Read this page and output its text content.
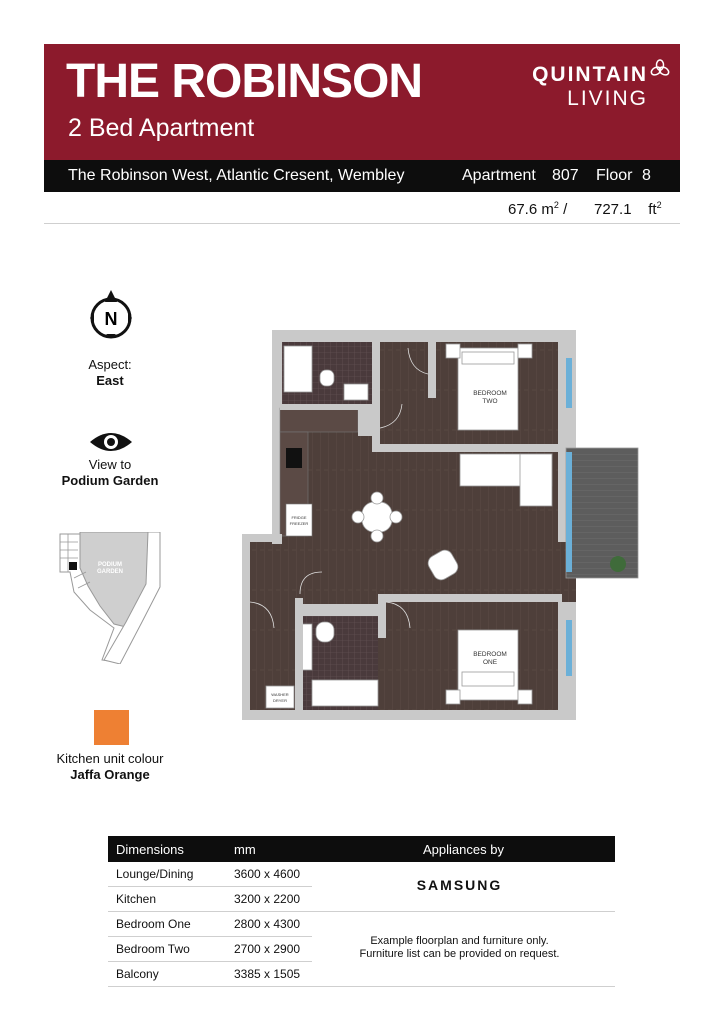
THE ROBINSON
2 Bed Apartment
QUINTAIN
LIVING
The Robinson West, Atlantic Cresent, Wembley	Apartment 807 Floor 8
67.6 $m^2 / 727.1$ $ft^2$
N
Aspect:
East
View to
Podium Garden
PODIUM
GARDEN
Kitchen unit colour
Jaffa Orange
FRIDGE
FREEZER
WASHER
DRYER
BEDROOM
TWO
BEDROOM
ONE
Dimensions	mm	Appliances by
Lounge/Dining	3600 x 4600	
Kitchen	3200 x 2200	
Bedroom One	2800 x 4300	
Bedroom Two	2700 x 2900	
Balcony	3385 x 1505	
SAMSUNG
Example floorplan and furniture only.
Furniture list can be provided on request.
